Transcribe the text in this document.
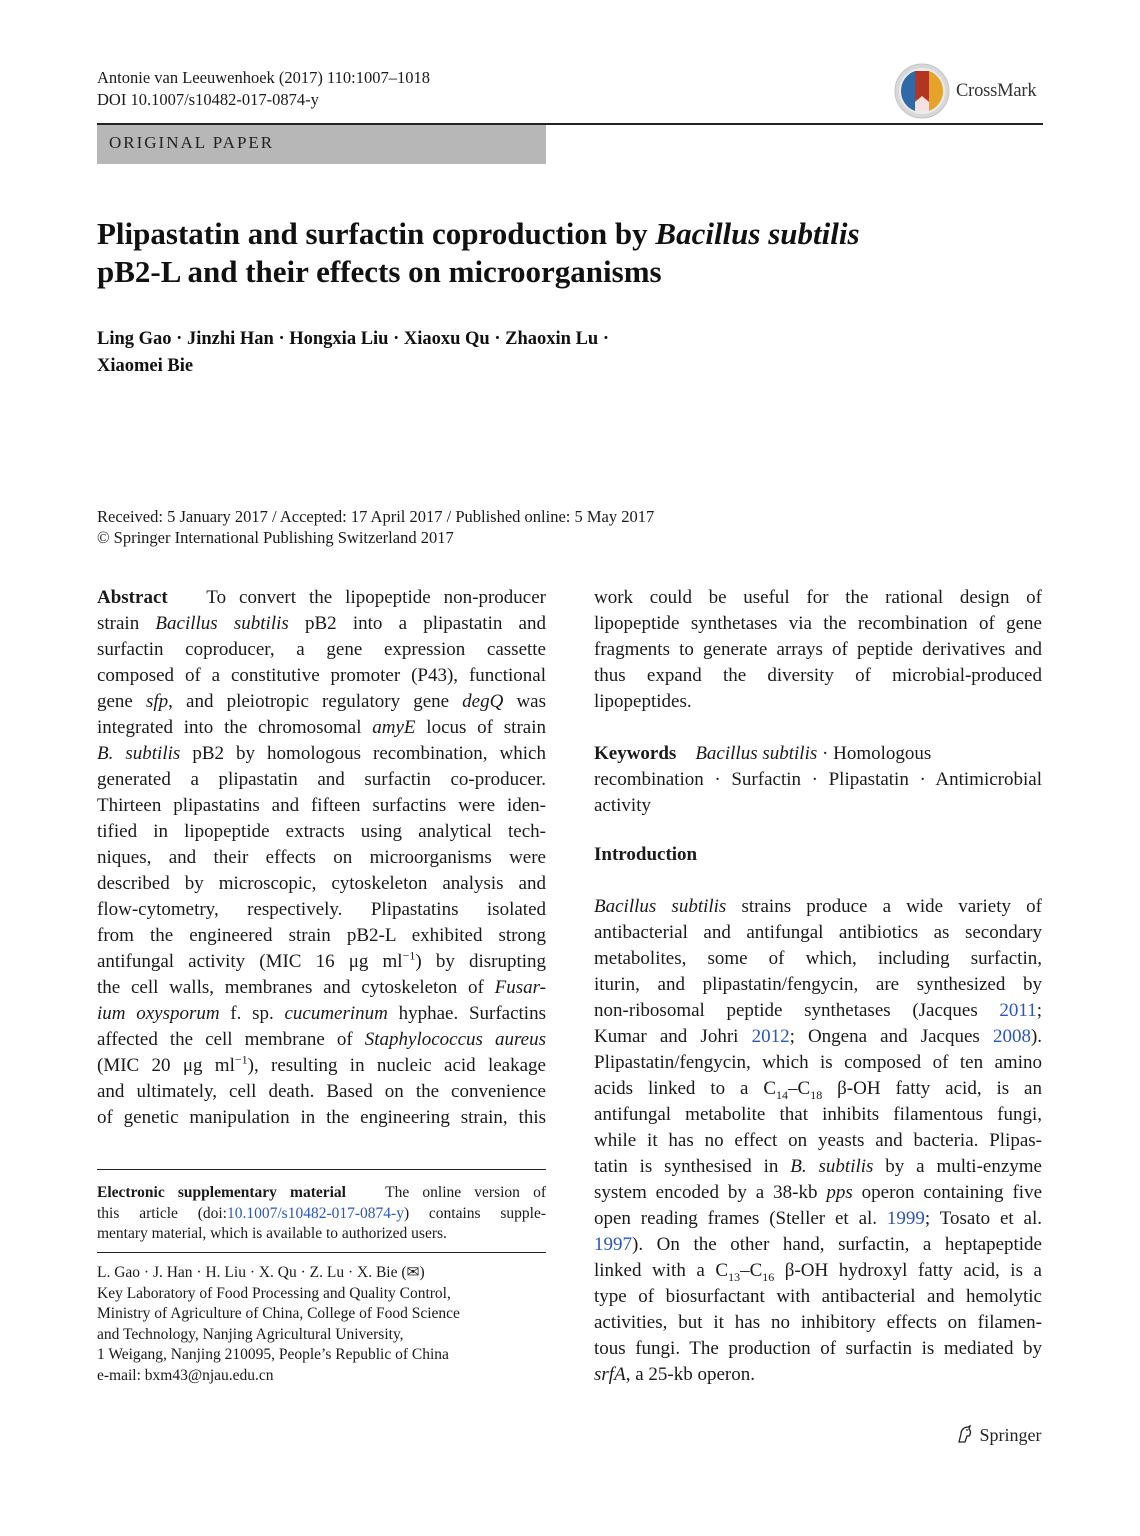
Antonie van Leeuwenhoek (2017) 110:1007–1018
DOI 10.1007/s10482-017-0874-y	CrossMark
ORIGINAL PAPER
Plipastatin and surfactin coproduction by Bacillus subtilis
pB2-L and their effects on microorganisms
Ling Gao · Jinzhi Han · Hongxia Liu · Xiaoxu Qu · Zhaoxin Lu ·
Xiaomei Bie
Received: 5 January 2017 / Accepted: 17 April 2017 / Published online: 5 May 2017
© Springer International Publishing Switzerland 2017
Abstract To convert the lipopeptide non-producer
strain Bacillus subtilis pB2 into a plipastatin and
surfactin coproducer, a gene expression cassette
composed of a constitutive promoter (P43), functional
gene sfp, and pleiotropic regulatory gene degQ was
integrated into the chromosomal amyE locus of strain
B. subtilis pB2 by homologous recombination, which
generated a plipastatin and surfactin co-producer.
Thirteen plipastatins and fifteen surfactins were iden-
tified in lipopeptide extracts using analytical tech-
niques, and their effects on microorganisms were
described by microscopic, cytoskeleton analysis and
flow-cytometry, respectively. Plipastatins isolated
from the engineered strain pB2-L exhibited strong
antifungal activity (MIC 16 μg $ml^{-1}$) by disrupting
the cell walls, membranes and cytoskeleton of Fusar-
ium oxysporum f. sp. cucumerinum hyphae. Surfactins
affected the cell membrane of Staphylococcus aureus
(MIC 20 μg $ml^{-1}$), resulting in nucleic acid leakage
and ultimately, cell death. Based on the convenience
of genetic manipulation in the engineering strain, this
work could be useful for the rational design of
lipopeptide synthetases via the recombination of gene
fragments to generate arrays of peptide derivatives and
thus expand the diversity of microbial-produced
lipopeptides.
Keywords Bacillus subtilis · Homologous
recombination · Surfactin · Plipastatin · Antimicrobial
activity
Introduction
Bacillus subtilis strains produce a wide variety of
antibacterial and antifungal antibiotics as secondary
metabolites, some of which, including surfactin,
iturin, and plipastatin/fengycin, are synthesized by
non-ribosomal peptide synthetases (Jacques 2011;
Kumar and Johri 2012; Ongena and Jacques 2008).
Plipastatin/fengycin, which is composed of ten amino
acids linked to a $C_{14}-C_{18}$ β-OH fatty acid, is an
antifungal metabolite that inhibits filamentous fungi,
while it has no effect on yeasts and bacteria. Plipas-
tatin is synthesised in B. subtilis by a multi-enzyme
system encoded by a 38-kb pps operon containing five
open reading frames (Steller et al. 1999; Tosato et al.
1997). On the other hand, surfactin, a heptapeptide
linked with a $C_{13}-C_{16}$ β-OH hydroxyl fatty acid, is a
type of biosurfactant with antibacterial and hemolytic
activities, but it has no inhibitory effects on filamen-
tous fungi. The production of surfactin is mediated by
srfA, a 25-kb operon.
Electronic supplementary material	The online version of
this article (doi:10.1007/s10482-017-0874-y) contains supple-
mentary material, which is available to authorized users.
L. Gao · J. Han · H. Liu · X. Qu · Z. Lu · X. Bie (✉)
Key Laboratory of Food Processing and Quality Control,
Ministry of Agriculture of China, College of Food Science
and Technology, Nanjing Agricultural University,
1 Weigang, Nanjing 210095, People’s Republic of China
e-mail: bxm43@njau.edu.cn
Springer
